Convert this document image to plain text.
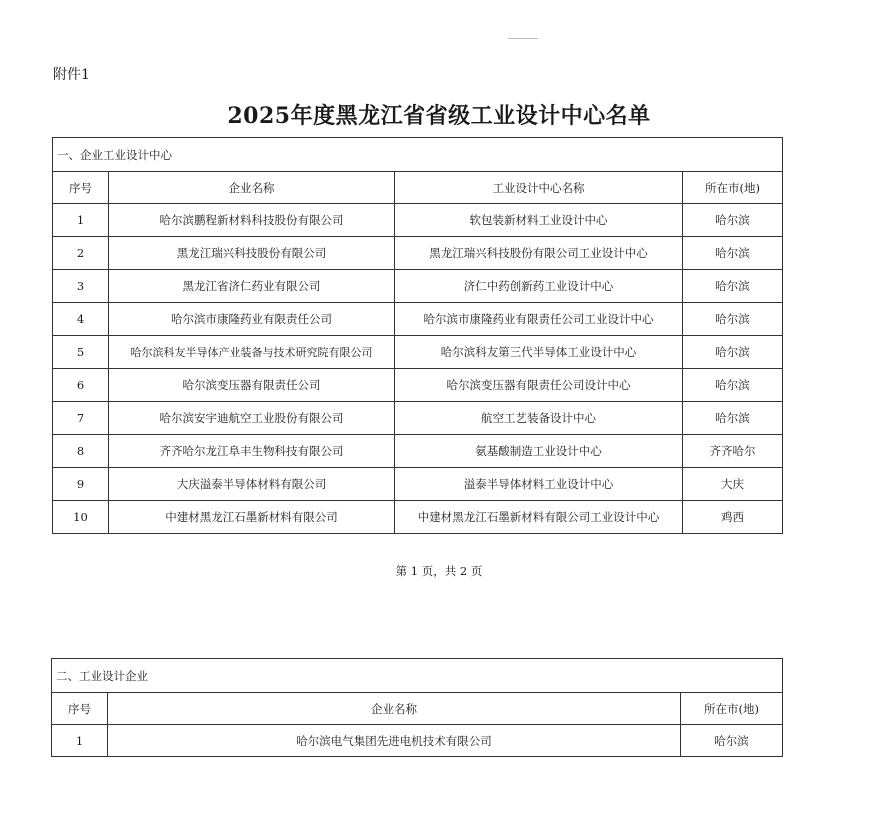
附件1
2025年度黑龙江省省级工业设计中心名单
一、企业工业设计中心			
序号	企业名称	工业设计中心名称	所在市(地)
1	哈尔滨鹏程新材料科技股份有限公司	软包装新材料工业设计中心	哈尔滨
2	黑龙江瑞兴科技股份有限公司	黑龙江瑞兴科技股份有限公司工业设计中心	哈尔滨
3	黑龙江省济仁药业有限公司	济仁中药创新药工业设计中心	哈尔滨
4	哈尔滨市康隆药业有限责任公司	哈尔滨市康隆药业有限责任公司工业设计中心	哈尔滨
5	哈尔滨科友半导体产业装备与技术研究院有限公司	哈尔滨科友第三代半导体工业设计中心	哈尔滨
6	哈尔滨变压器有限责任公司	哈尔滨变压器有限责任公司设计中心	哈尔滨
7	哈尔滨安宇迪航空工业股份有限公司	航空工艺装备设计中心	哈尔滨
8	齐齐哈尔龙江阜丰生物科技有限公司	氨基酸制造工业设计中心	齐齐哈尔
9	大庆溢泰半导体材料有限公司	溢泰半导体材料工业设计中心	大庆
10	中建材黑龙江石墨新材料有限公司	中建材黑龙江石墨新材料有限公司工业设计中心	鸡西
第 1 页，共 2 页
二、工业设计企业		
序号	企业名称	所在市(地)
1	哈尔滨电气集团先进电机技术有限公司	哈尔滨
